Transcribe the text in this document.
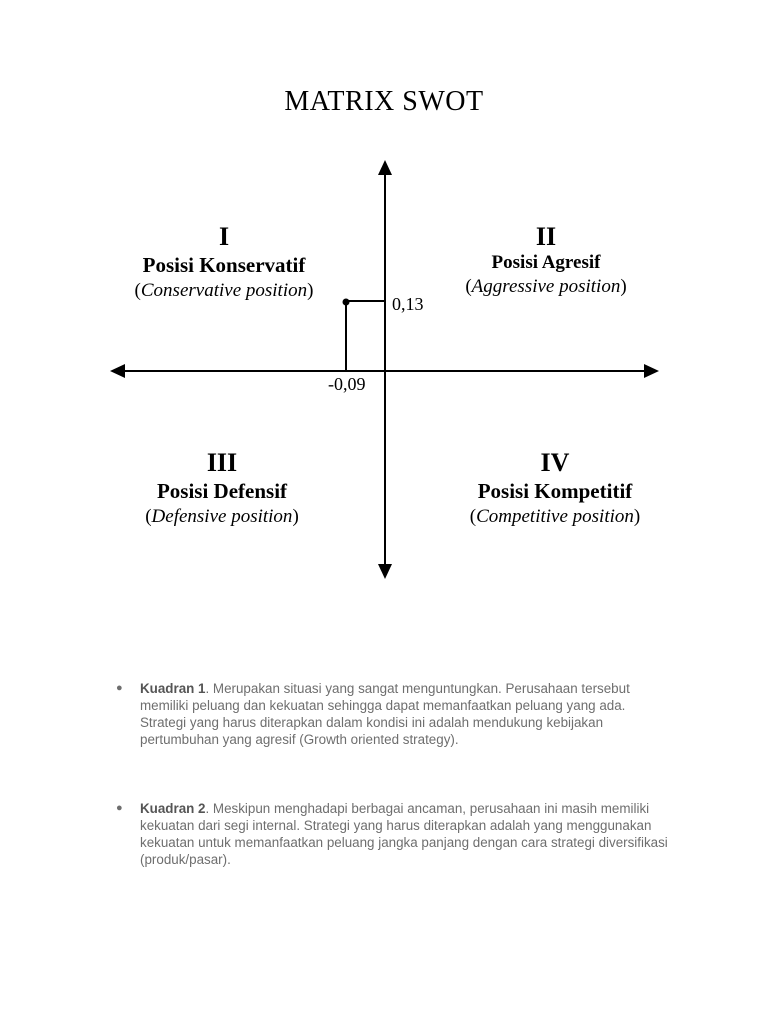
MATRIX SWOT
I
Posisi Konservatif
(Conservative position)
II
Posisi Agresif
(Aggressive position)
III
Posisi Defensif
(Defensive position)
IV
Posisi Kompetitif
(Competitive position)
0,13
-0,09
● Kuadran 1. Merupakan situasi yang sangat menguntungkan. Perusahaan tersebut memiliki peluang dan kekuatan sehingga dapat memanfaatkan peluang yang ada. Strategi yang harus diterapkan dalam kondisi ini adalah mendukung kebijakan pertumbuhan yang agresif (Growth oriented strategy).
● Kuadran 2. Meskipun menghadapi berbagai ancaman, perusahaan ini masih memiliki kekuatan dari segi internal. Strategi yang harus diterapkan adalah yang menggunakan kekuatan untuk memanfaatkan peluang jangka panjang dengan cara strategi diversifikasi (produk/pasar).
